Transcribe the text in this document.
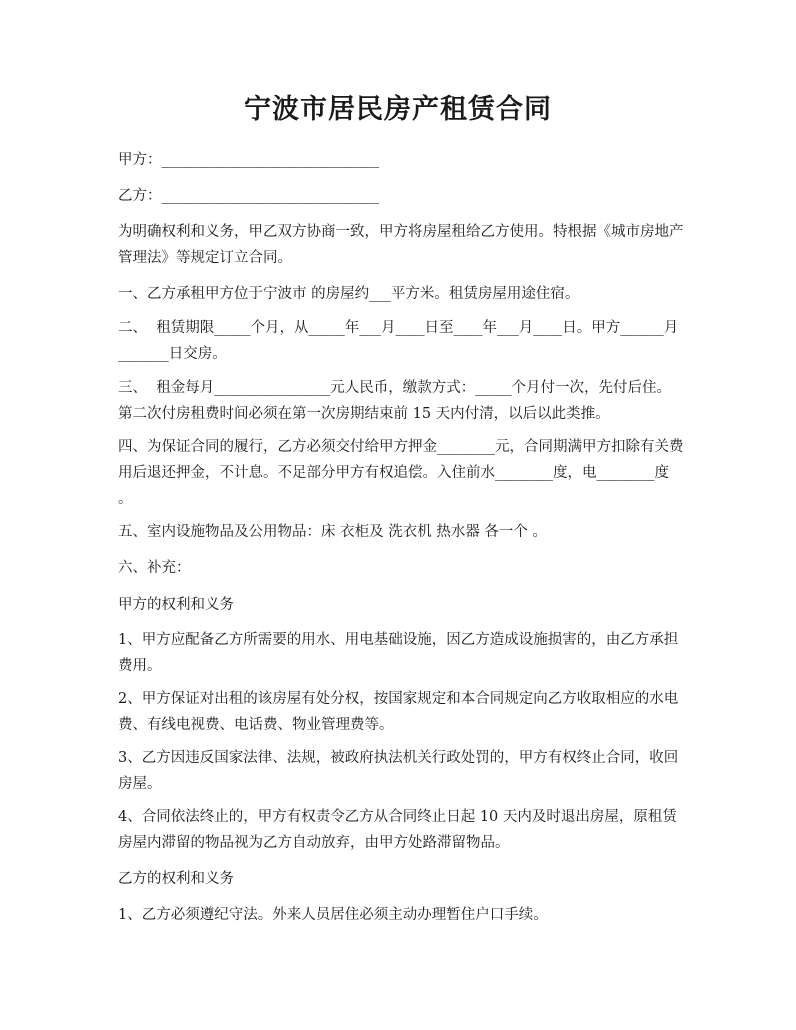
宁波市居民房产租赁合同

甲方：______________________________

乙方：______________________________

为明确权利和义务，甲乙双方协商一致，甲方将房屋租给乙方使用。特根据《城市房地产管理法》等规定订立合同。

一、乙方承租甲方位于宁波市 的房屋约___平方米。租赁房屋用途住宿。

二、  租赁期限_____个月，从_____年___月____日至____年___月____日。甲方______月_______日交房。

三、  租金每月________________元人民币，缴款方式：_____个月付一次，先付后住。第二次付房租费时间必须在第一次房期结束前 15 天内付清，以后以此类推。

四、为保证合同的履行，乙方必须交付给甲方押金________元，合同期满甲方扣除有关费用后退还押金，不计息。不足部分甲方有权追偿。入住前水________度，电________度 。

五、室内设施物品及公用物品：床 衣柜及 洗衣机 热水器 各一个 。

六、补充：

甲方的权利和义务

1、甲方应配备乙方所需要的用水、用电基础设施，因乙方造成设施损害的，由乙方承担费用。

2、甲方保证对出租的该房屋有处分权，按国家规定和本合同规定向乙方收取相应的水电费、有线电视费、电话费、物业管理费等。

3、乙方因违反国家法律、法规，被政府执法机关行政处罚的，甲方有权终止合同，收回房屋。

4、合同依法终止的，甲方有权责令乙方从合同终止日起 10 天内及时退出房屋，原租赁房屋内滞留的物品视为乙方自动放弃，由甲方处路滞留物品。

乙方的权利和义务

1、乙方必须遵纪守法。外来人员居住必须主动办理暂住户口手续。
